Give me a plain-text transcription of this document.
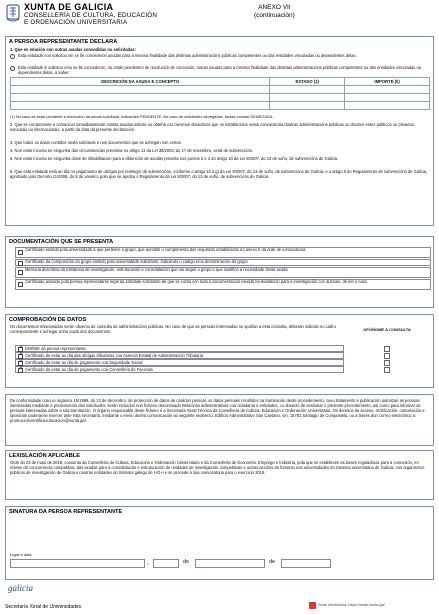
XUNTA DE GALICIA
CONSELLERÍA DE CULTURA, EDUCACIÓN
E ORDENACIÓN UNIVERSITARIA
ANEXO VII
(continuación)
A PERSOA REPRESENTANTE DECLARA
1. Que en relación con outras axudas concedidas ou solicitadas:
Esta entidade non solicitou nin se lle concederon axudas para a mesma finalidade das distintas administracións públicas competentes ou das entidades vinculadas ou dependentes delas.
Esta entidade si solicitou e/ou se lle concederon, ou están pendentes de resolución de concesión, outras axudas para a mesma finalidade das distintas administracións públicas competentes ou das entidades vinculadas ou dependentes delas, a saber:
DESCRICIÓN DA AXUDA E CONCEPTO	ESTADO (1)	IMPORTE (€)

(1) No caso de estar pendente a resolución da axuda solicitada, indicarase PENDENTE. No caso de solicitudes denegadas, farase constar DENEGADA.
2. Que se compromete a comunicar inmediatamente cantas axudas solicite ou obteña cos mesmos obxectivos que os establecidos nesta convocatoria doutras administracións públicas ou doutros entes públicos ou privados, nacionais ou internacionais, a partir da data da presente declaración.
3. Que todos os datos contidos nesta solicitude e nos documentos que se achegan son certos.
4. Non estar incursa en ningunha das circunstancias previstas no artigo 13 da Lei 38/2003, do 17 de novembro, xeral de subvencións.
5. Non estar incursa en ningunha clase de inhabilitación para a obtención de axudas prevista nos puntos 2 e 3 do artigo 10 da Lei 9/2007, do 13 de xuño, de subvencións de Galicia.
6. Que esta entidade está ao día no pagamento de obrigas por reintegro de subvencións, conforme o artigo 10.2.g) da Lei 9/2007, do 13 de xuño, de subvencións de Galicia, e o artigo 9 do Regulamento de subvencións de Galicia, aprobado polo Decreto 11/2009, do 8 de xaneiro, polo que se aproba o Regulamento da Lei 9/2007, do 13 de xuño, de subvencións de Galicia.
DOCUMENTACIÓN QUE SE PRESENTA
Certificado emitido pola universidade a que pertence o grupo, que acredite o cumprimento dos requisitos establecidos no anexo II da orde de convocatoria
Certificado da composición do grupo emitido pola universidade solicitante, indicando o código e/ou denominación do grupo
Memoria descritiva da estratexia de investigación, estruturación e consolidación que vai seguir o grupo e que xustifica a necesidade desta axuda
Certificado asinado pola persoa representante legal da entidade solicitante de que se conta con toda a documentación exixida na lexislación para a investigación con animais, de ser o caso
COMPROBACIÓN DE DATOS
Os documentos relacionados serán obxecto de consulta ás administracións públicas. No caso de que as persoas interesadas se opoñan a esta consulta, deberán indicalo no cadro correspondente e achegar unha copia dos documentos.	OPÓÑOME Á CONSULTA
×
DNI/NIE da persoa representante
×
Certificado de estar ao día das obrigas tributarias coa Axencia Estatal de Administración Tributaria
×
Certificado de estar ao día de pagamento coa Seguridade Social
×
Certificado de estar ao día de pagamento coa Consellería de Facenda
De conformidade coa Lei orgánica 15/1999, do 13 de decembro, de protección de datos de carácter persoal, os datos persoais recollidos na tramitación deste procedemento, cuxo tratamento e publicación autorizan as persoas interesadas mediante a presentación das solicitudes, serán incluídos nun ficheiro denominado Relacións administrativas coa cidadanía e entidades, co obxecto de xestionar o presente procedemento, así como para informar as persoas interesadas sobre a súa tramitación. O órgano responsable deste ficheiro é a Secretaría Xeral Técnica da Consellería de Cultura, Educación e Ordenación Universitaria. Os dereitos de acceso, rectificación, cancelación e oposición poderanse exercer ante esta secretaría, mediante o envío dunha comunicación ao seguinte enderezo: Edificio Administrativo San Caetano, s/n, 15781 Santiago de Compostela, ou a través dun correo electrónico a: promocioncientifica.educacion@xunta.gal
LEXISLACIÓN APLICABLE
Orde do 23 de maio de 2018, conxunta da Consellería de Cultura, Educación e Ordenación Universitaria e da Consellería de Economía, Emprego e Industria, pola que se establecen as bases reguladoras para a concesión, en réxime de concorrencia competitiva, das axudas para a consolidación e estruturación de unidades de investigación competitivas e outras accións de fomento nas universidades do Sistema universitario de Galicia, nos organismos públicos de investigación de Galicia e noutras entidades do Sistema galego de I+D+i e se procede á súa convocatoria para o exercicio 2018.
SINATURA DA PERSOA REPRESENTANTE
Lugar e data
,	de	de
galicia
Secretaría Xeral de Universidades	Sede electrónica: https://sede.xunta.gal
